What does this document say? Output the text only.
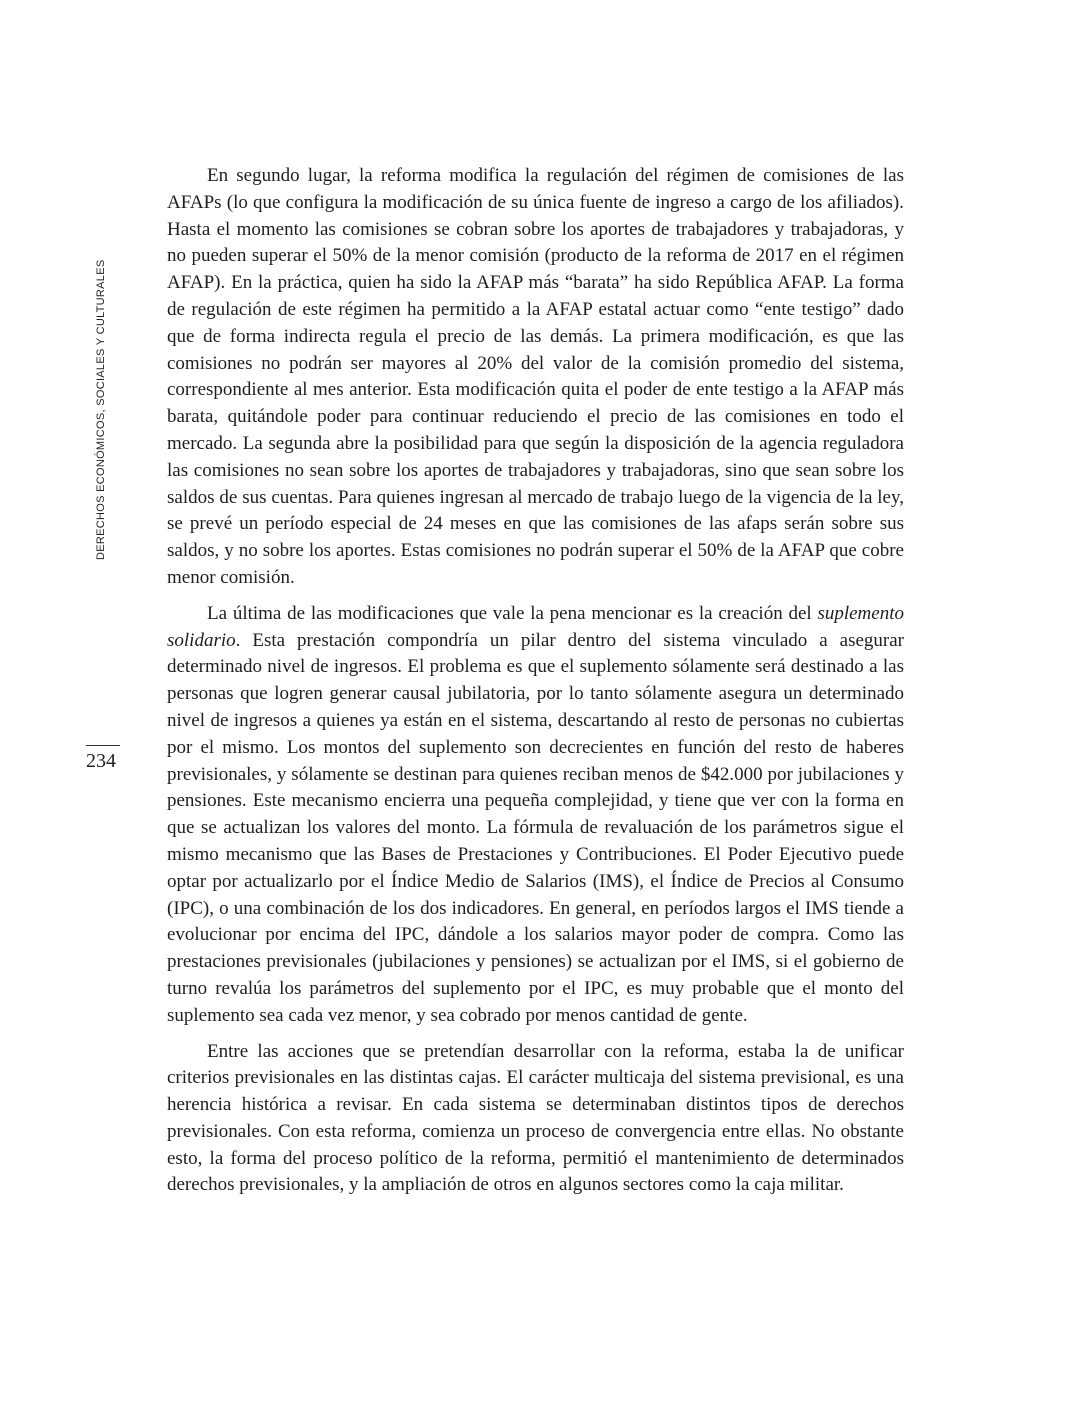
DERECHOS ECONÓMICOS, SOCIALES Y CULTURALES
234

En segundo lugar, la reforma modifica la regulación del régimen de comisiones de las AFAPs (lo que configura la modificación de su única fuente de ingreso a cargo de los afiliados). Hasta el momento las comisiones se cobran sobre los aportes de trabajadores y trabajadoras, y no pueden superar el 50% de la menor comisión (producto de la reforma de 2017 en el régimen AFAP). En la práctica, quien ha sido la AFAP más “barata” ha sido República AFAP. La forma de regulación de este régimen ha permitido a la AFAP estatal actuar como “ente testigo” dado que de forma indirecta regula el precio de las demás. La primera modificación, es que las comisiones no podrán ser mayores al 20% del valor de la comisión promedio del sistema, correspondiente al mes anterior. Esta modificación quita el poder de ente testigo a la AFAP más barata, quitándole poder para continuar reduciendo el precio de las comisiones en todo el mercado. La segunda abre la posibilidad para que según la disposición de la agencia reguladora las comisiones no sean sobre los aportes de trabajadores y trabajadoras, sino que sean sobre los saldos de sus cuentas. Para quienes ingresan al mercado de trabajo luego de la vigencia de la ley, se prevé un período especial de 24 meses en que las comisiones de las afaps serán sobre sus saldos, y no sobre los aportes. Estas comisiones no podrán superar el 50% de la AFAP que cobre menor comisión.

La última de las modificaciones que vale la pena mencionar es la creación del suplemento solidario. Esta prestación compondría un pilar dentro del sistema vinculado a asegurar determinado nivel de ingresos. El problema es que el suplemento sólamente será destinado a las personas que logren generar causal jubilatoria, por lo tanto sólamente asegura un determinado nivel de ingresos a quienes ya están en el sistema, descartando al resto de personas no cubiertas por el mismo. Los montos del suplemento son decrecientes en función del resto de haberes previsionales, y sólamente se destinan para quienes reciban menos de $42.000 por jubilaciones y pensiones. Este mecanismo encierra una pequeña complejidad, y tiene que ver con la forma en que se actualizan los valores del monto. La fórmula de revaluación de los parámetros sigue el mismo mecanismo que las Bases de Prestaciones y Contribuciones. El Poder Ejecutivo puede optar por actualizarlo por el Índice Medio de Salarios (IMS), el Índice de Precios al Consumo (IPC), o una combinación de los dos indicadores. En general, en períodos largos el IMS tiende a evolucionar por encima del IPC, dándole a los salarios mayor poder de compra. Como las prestaciones previsionales (jubilaciones y pensiones) se actualizan por el IMS, si el gobierno de turno revalúa los parámetros del suplemento por el IPC, es muy probable que el monto del suplemento sea cada vez menor, y sea cobrado por menos cantidad de gente.

Entre las acciones que se pretendían desarrollar con la reforma, estaba la de unificar criterios previsionales en las distintas cajas. El carácter multicaja del sistema previsional, es una herencia histórica a revisar. En cada sistema se determinaban distintos tipos de derechos previsionales. Con esta reforma, comienza un proceso de convergencia entre ellas. No obstante esto, la forma del proceso político de la reforma, permitió el mantenimiento de determinados derechos previsionales, y la ampliación de otros en algunos sectores como la caja militar.
